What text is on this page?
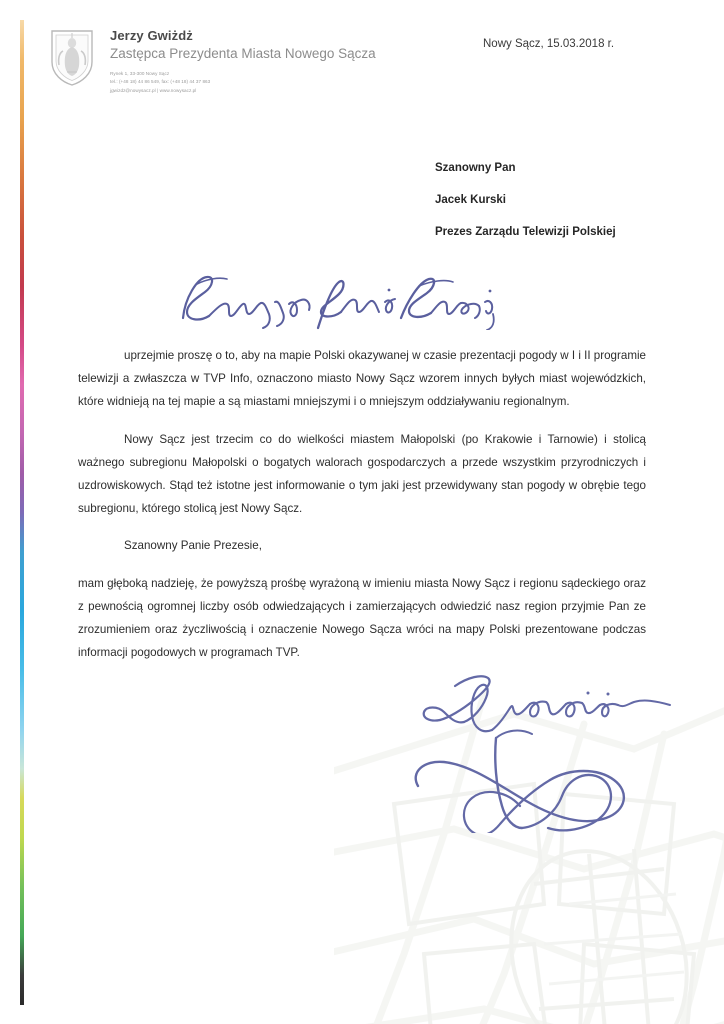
Jerzy Gwiżdż
Zastępca Prezydenta Miasta Nowego Sącza
Rynek 1, 33-300 Nowy Sącz
tel.: (+48 18) 44 86 549, fax: (+48 18) 44 37 863
jgwizdz@nowysacz.pl | www.nowysacz.pl
Nowy Sącz, 15.03.2018 r.
Szanowny Pan
Jacek Kurski
Prezes Zarządu Telewizji Polskiej

uprzejmie proszę o to, aby na mapie Polski okazywanej w czasie prezentacji pogody w I i II programie telewizji a zwłaszcza w TVP Info, oznaczono miasto Nowy Sącz wzorem innych byłych miast wojewódzkich, które widnieją na tej mapie a są miastami mniejszymi i o mniejszym oddziaływaniu regionalnym.

Nowy Sącz jest trzecim co do wielkości miastem Małopolski (po Krakowie i Tarnowie) i stolicą ważnego subregionu Małopolski o bogatych walorach gospodarczych a przede wszystkim przyrodniczych i uzdrowiskowych. Stąd też istotne jest informowanie o tym jaki jest przewidywany stan pogody w obrębie tego subregionu, którego stolicą jest Nowy Sącz.

Szanowny Panie Prezesie,

mam głęboką nadzieję, że powyższą prośbę wyrażoną w imieniu miasta Nowy Sącz i regionu sądeckiego oraz z pewnością ogromnej liczby osób odwiedzających i zamierzających odwiedzić nasz region przyjmie Pan ze zrozumieniem oraz życzliwością i oznaczenie Nowego Sącza wróci na mapy Polski prezentowane podczas informacji pogodowych w programach TVP.
